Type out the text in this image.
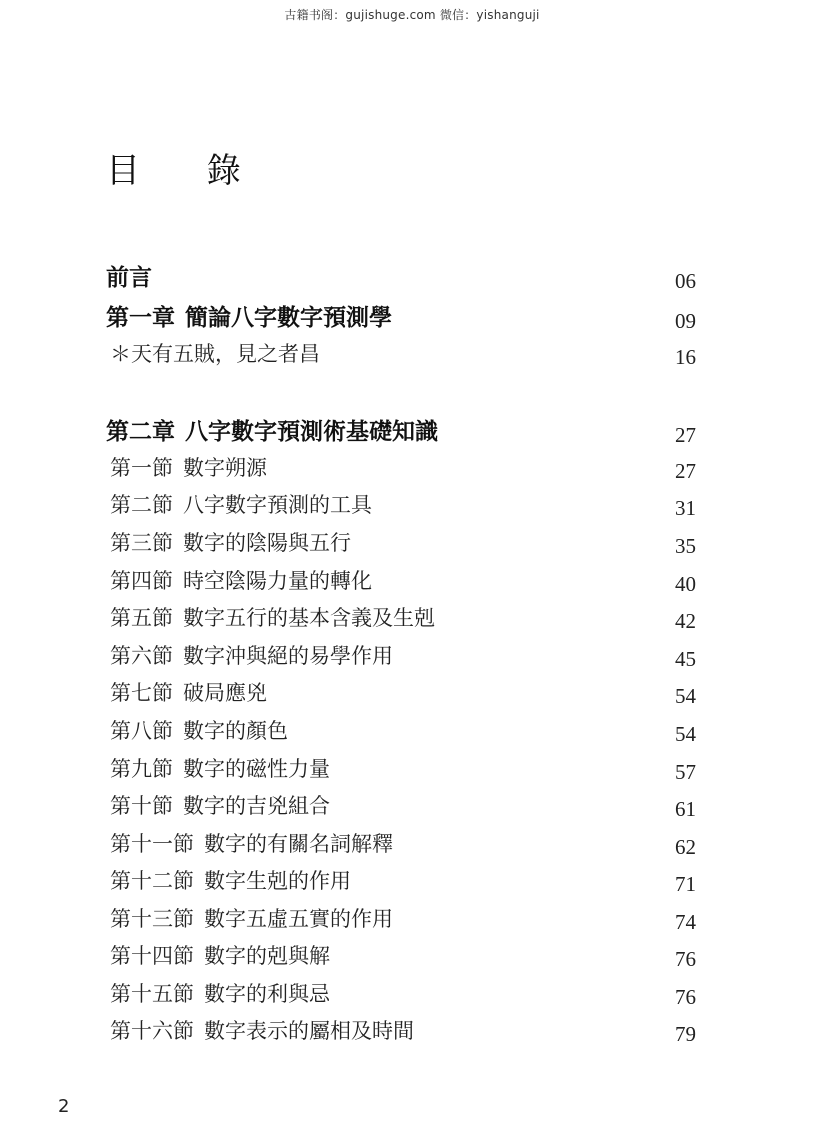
古籍书阁：gujishuge.com 微信：yishanguji
目 錄
前言	06
第一章 簡論八字數字預測學	09
＊天有五賊，見之者昌	16
第二章 八字數字預測術基礎知識	27
第一節 數字朔源	27
第二節 八字數字預測的工具	31
第三節 數字的陰陽與五行	35
第四節 時空陰陽力量的轉化	40
第五節 數字五行的基本含義及生剋	42
第六節 數字沖與絕的易學作用	45
第七節 破局應兇	54
第八節 數字的顏色	54
第九節 數字的磁性力量	57
第十節 數字的吉兇組合	61
第十一節 數字的有關名詞解釋	62
第十二節 數字生剋的作用	71
第十三節 數字五虛五實的作用	74
第十四節 數字的剋與解	76
第十五節 數字的利與忌	76
第十六節 數字表示的屬相及時間	79
2
